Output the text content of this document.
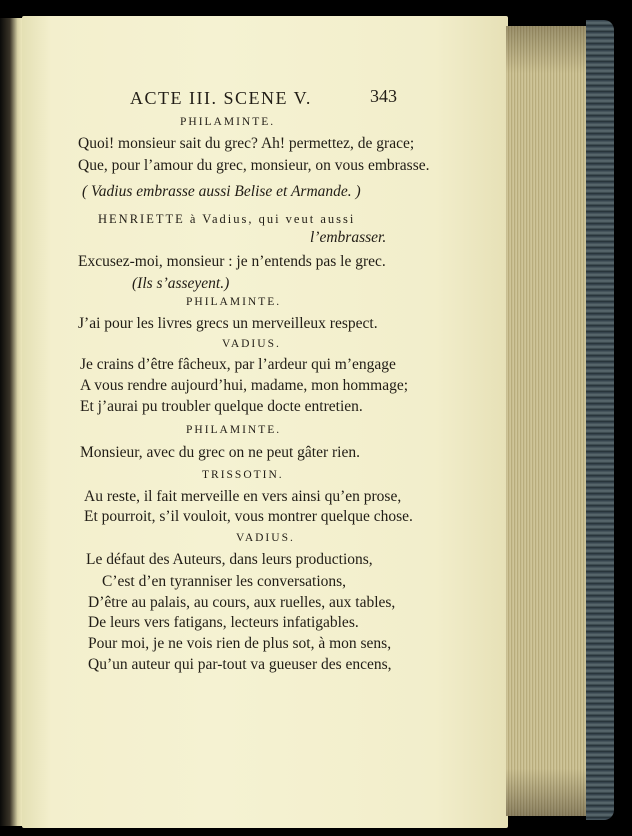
ACTE III. SCENE V.	343
PHILAMINTE.
Quoi! monsieur sait du grec? Ah! permettez, de grace;
Que, pour l’amour du grec, monsieur, on vous embrasse.
( Vadius embrasse aussi Belise et Armande. )
HENRIETTE à Vadius, qui veut aussi
l’embrasser.
Excusez-moi, monsieur : je n’entends pas le grec.
(Ils s’asseyent.)
PHILAMINTE.
J’ai pour les livres grecs un merveilleux respect.
VADIUS.
Je crains d’être fâcheux, par l’ardeur qui m’engage
A vous rendre aujourd’hui, madame, mon hommage;
Et j’aurai pu troubler quelque docte entretien.
PHILAMINTE.
Monsieur, avec du grec on ne peut gâter rien.
TRISSOTIN.
Au reste, il fait merveille en vers ainsi qu’en prose,
Et pourroit, s’il vouloit, vous montrer quelque chose.
VADIUS.
Le défaut des Auteurs, dans leurs productions,
C’est d’en tyranniser les conversations,
D’être au palais, au cours, aux ruelles, aux tables,
De leurs vers fatigans, lecteurs infatigables.
Pour moi, je ne vois rien de plus sot, à mon sens,
Qu’un auteur qui par-tout va gueuser des encens,
